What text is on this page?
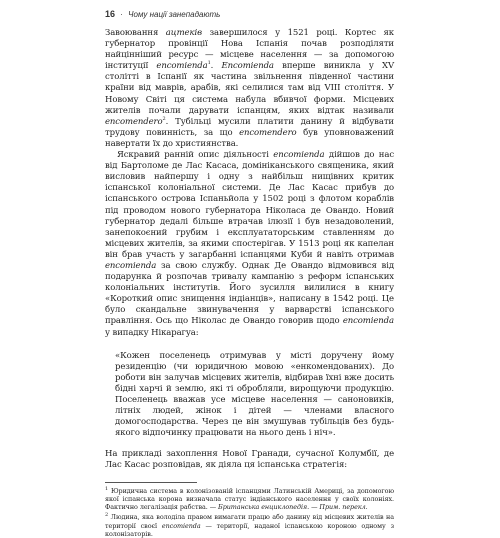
16 · Чому нації занепадають

Завоювання ацтеків завершилося у 1521 році. Кортес як губернатор провінції Нова Іспанія почав розподіляти найцінніший ресурс — місцеве населення — за допомогою інституції encomienda$^1$. Encomienda вперше виникла у XV столітті в Іспанії як частина звільнення південної частини країни від маврів, арабів, які селилися там від VIII століття. У Новому Світі ця система набула вбивчої форми. Місцевих жителів почали дарувати іспанцям, яких відтак називали encomendero$^2$. Тубільці мусили платити данину й відбувати трудову повинність, за що encomendero був уповноважений навертати їх до християнства.

Яскравий ранній опис діяльності encomienda дійшов до нас від Бартоломе де Лас Касаса, домініканського священика, який висловив найпершу і одну з найбільш нищівних критик іспанської колоніальної системи. Де Лас Касас прибув до іспанського острова Іспаньйола у 1502 році з флотом кораблів під проводом нового губернатора Ніколаса де Овандо. Новий губернатор дедалі більше втрачав ілюзії і був незадоволений, занепокоєний грубим і експлуататорським ставленням до місцевих жителів, за якими спостерігав. У 1513 році як капелан він брав участь у загарбанні іспанцями Куби й навіть отримав encomienda за свою службу. Однак Де Овандо відмовився від подарунка й розпочав тривалу кампанію з реформ іспанських колоніальних інститутів. Його зусилля вилилися в книгу «Короткий опис знищення індіанців», написану в 1542 році. Це було скандальне звинувачення у варварстві іспанського правління. Ось що Ніколас де Овандо говорив щодо encomienda у випадку Нікарагуа:

«Кожен поселенець отримував у місті доручену йому резиденцію (чи юридичною мовою «енкомендованих). До роботи він залучав місцевих жителів, відбирав їхні вже досить бідні харчі й землю, які ті обробляли, вирощуючи продукцію. Поселенець вважав усе місцеве населення — саноновиків, літніх людей, жінок і дітей — членами власного домогосподарства. Через це він змушував тубільців без будь-якого відпочинку працювати на нього день і ніч».

На прикладі захоплення Нової Гранади, сучасної Колумбії, де Лас Касас розповідав, як діяла ця іспанська стратегія:

$^1$ Юридична система в колонізованій іспанцями Латинській Америці, за допомогою якої іспанська корона визначала статус індіанського населення у своїх колоніях. Фактично легалізація рабства. — Британська енциклопедія. — Прим. перекл.

$^2$ Людина, яка володіла правом вимагати працю або данину від місцевих жителів на території своєї encomienda — території, наданої іспанською короною одному з колонізаторів.
